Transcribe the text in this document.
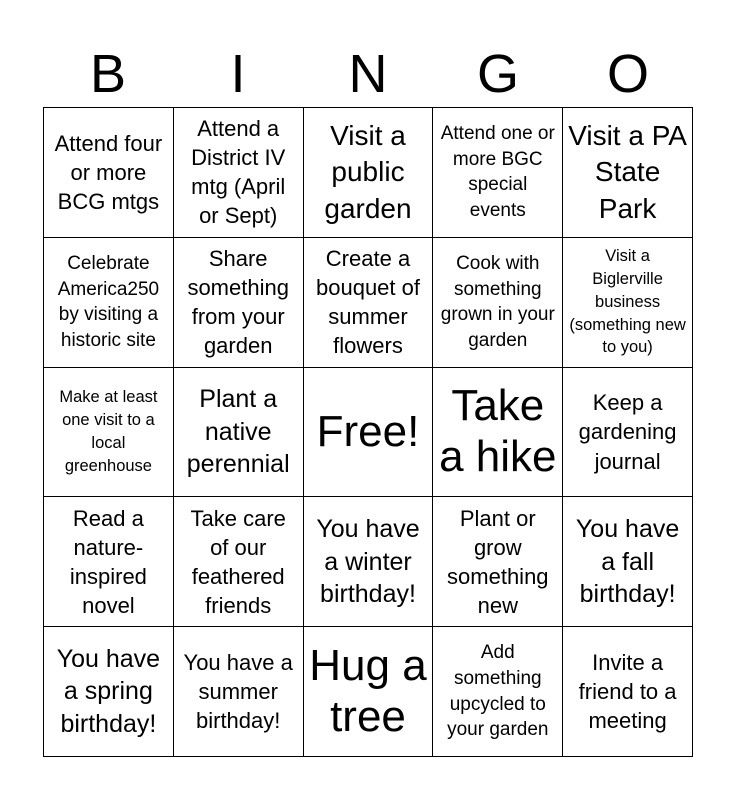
B	I	N	G	O
Attend four or more BCG mtgs
Attend a District IV mtg (April or Sept)
Visit a public garden
Attend one or more BGC special events
Visit a PA State Park
Celebrate America250 by visiting a historic site
Share something from your garden
Create a bouquet of summer flowers
Cook with something grown in your garden
Visit a Biglerville business (something new to you)
Make at least one visit to a local greenhouse
Plant a native perennial
Free!
Take a hike
Keep a gardening journal
Read a nature-inspired novel
Take care of our feathered friends
You have a winter birthday!
Plant or grow something new
You have a fall birthday!
You have a spring birthday!
You have a summer birthday!
Hug a tree
Add something upcycled to your garden
Invite a friend to a meeting
